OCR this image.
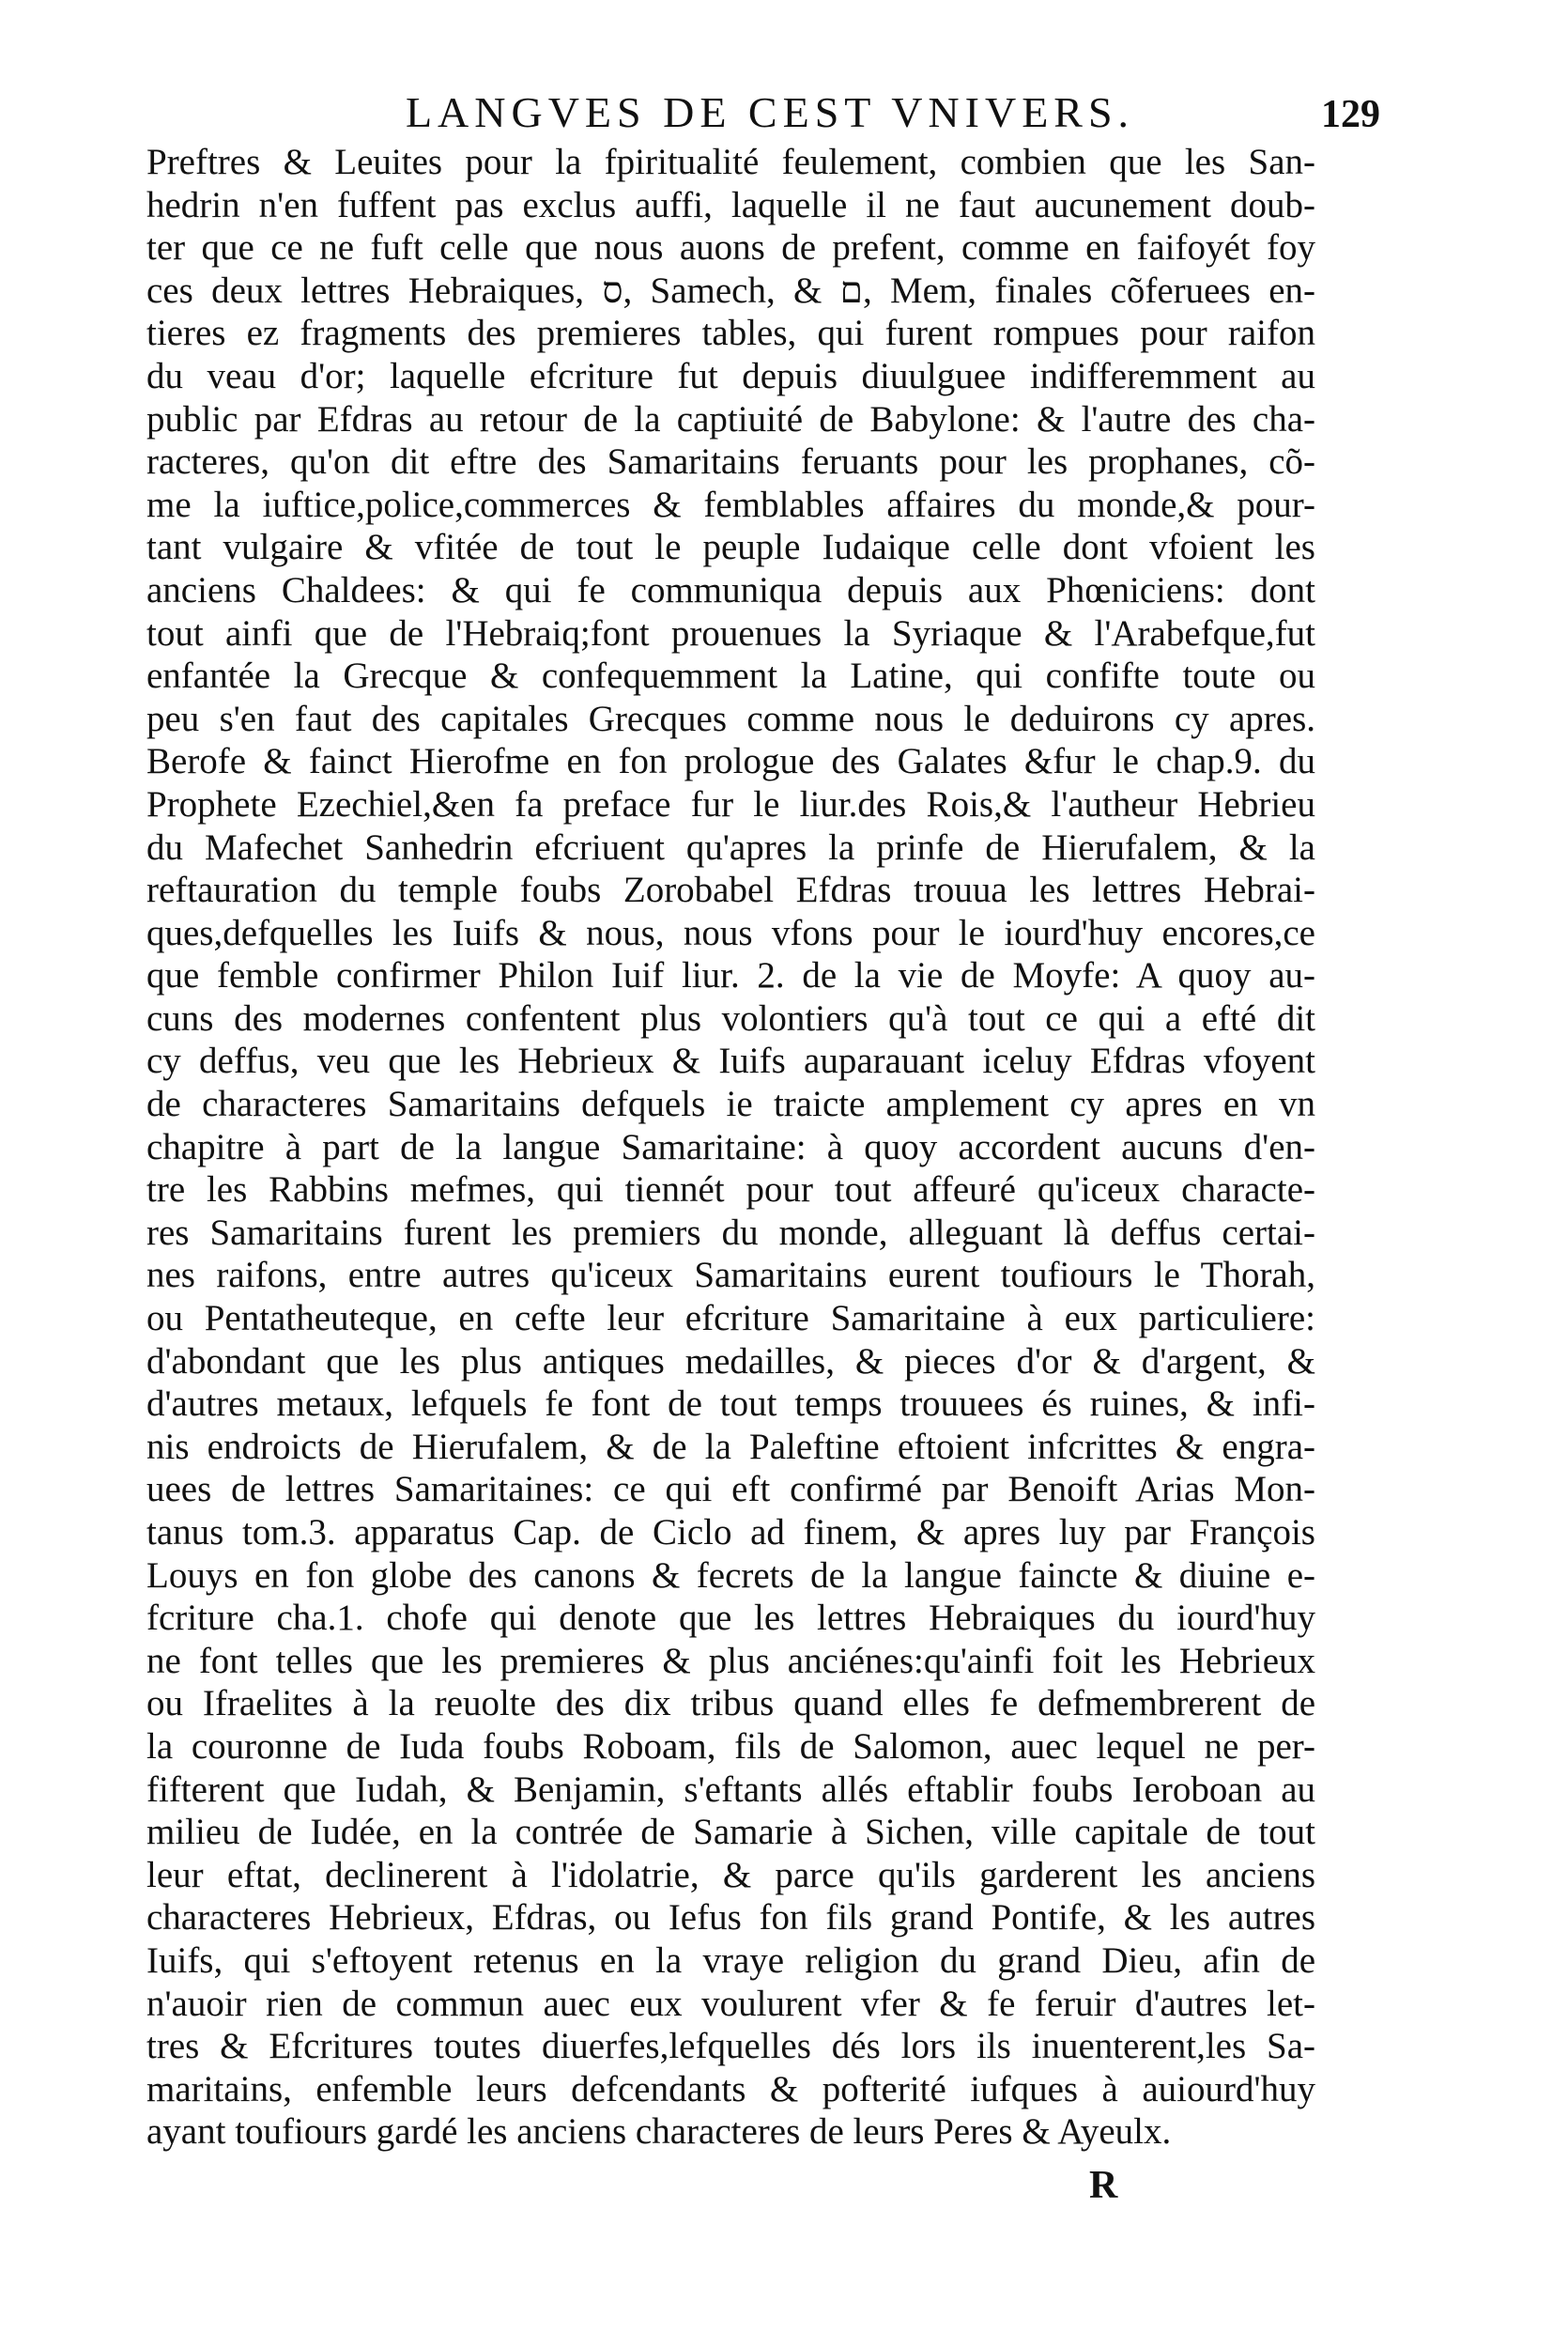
LANGVES DE CEST VNIVERS.	129
Preftres & Leuites pour la fpiritualité feulement, combien que les San-
hedrin n'en fuffent pas exclus auffi, laquelle il ne faut aucunement doub-
ter que ce ne fuft celle que nous auons de prefent, comme en faifoyét foy
ces deux lettres Hebraiques, ס, Samech, & ם, Mem, finales cõferuees en-
tieres ez fragments des premieres tables, qui furent rompues pour raifon
du veau d'or; laquelle efcriture fut depuis diuulguee indifferemment au
public par Efdras au retour de la captiuité de Babylone: & l'autre des cha-
racteres, qu'on dit eftre des Samaritains feruants pour les prophanes, cõ-
me la iuftice,police,commerces & femblables affaires du monde,& pour-
tant vulgaire & vfitée de tout le peuple Iudaique celle dont vfoient les
anciens Chaldees: & qui fe communiqua depuis aux Phœniciens: dont
tout ainfi que de l'Hebraiq;font prouenues la Syriaque & l'Arabefque,fut
enfantée la Grecque & confequemment la Latine, qui confifte toute ou
peu s'en faut des capitales Grecques comme nous le deduirons cy apres.
Berofe & fainct Hierofme en fon prologue des Galates &fur le chap.9. du
Prophete Ezechiel,&en fa preface fur le liur.des Rois,& l'autheur Hebrieu
du Mafechet Sanhedrin efcriuent qu'apres la prinfe de Hierufalem, & la
reftauration du temple foubs Zorobabel Efdras trouua les lettres Hebrai-
ques,defquelles les Iuifs & nous, nous vfons pour le iourd'huy encores,ce
que femble confirmer Philon Iuif liur. 2. de la vie de Moyfe: A quoy au-
cuns des modernes confentent plus volontiers qu'à tout ce qui a efté dit
cy deffus, veu que les Hebrieux & Iuifs auparauant iceluy Efdras vfoyent
de characteres Samaritains defquels ie traicte amplement cy apres en vn
chapitre à part de la langue Samaritaine: à quoy accordent aucuns d'en-
tre les Rabbins mefmes, qui tiennét pour tout affeuré qu'iceux characte-
res Samaritains furent les premiers du monde, alleguant là deffus certai-
nes raifons, entre autres qu'iceux Samaritains eurent toufiours le Thorah,
ou Pentatheuteque, en cefte leur efcriture Samaritaine à eux particuliere:
d'abondant que les plus antiques medailles, & pieces d'or & d'argent, &
d'autres metaux, lefquels fe font de tout temps trouuees és ruines, & infi-
nis endroicts de Hierufalem, & de la Paleftine eftoient infcrittes & engra-
uees de lettres Samaritaines: ce qui eft confirmé par Benoift Arias Mon-
tanus tom.3. apparatus Cap. de Ciclo ad finem, & apres luy par François
Louys en fon globe des canons & fecrets de la langue faincte & diuine e-
fcriture cha.1. chofe qui denote que les lettres Hebraiques du iourd'huy
ne font telles que les premieres & plus anciénes:qu'ainfi foit les Hebrieux
ou Ifraelites à la reuolte des dix tribus quand elles fe defmembrerent de
la couronne de Iuda foubs Roboam, fils de Salomon, auec lequel ne per-
fifterent que Iudah, & Benjamin, s'eftants allés eftablir foubs Ieroboan au
milieu de Iudée, en la contrée de Samarie à Sichen, ville capitale de tout
leur eftat, declinerent à l'idolatrie, & parce qu'ils garderent les anciens
characteres Hebrieux, Efdras, ou Iefus fon fils grand Pontife, & les autres
Iuifs, qui s'eftoyent retenus en la vraye religion du grand Dieu, afin de
n'auoir rien de commun auec eux voulurent vfer & fe feruir d'autres let-
tres & Efcritures toutes diuerfes,lefquelles dés lors ils inuenterent,les Sa-
maritains, enfemble leurs defcendants & pofterité iufques à auiourd'huy
ayant toufiours gardé les anciens characteres de leurs Peres & Ayeulx.
R
